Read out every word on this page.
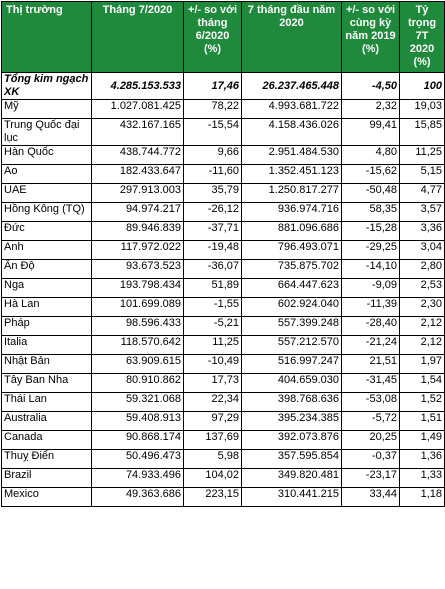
Thị trường	Tháng 7/2020	+/- so với tháng 6/2020 (%)	7 tháng đầu năm 2020	+/- so với cùng kỳ năm 2019 (%)	Tỷ trọng 7T 2020 (%)
Tổng kim ngạch XK	4.285.153.533	17,46	26.237.465.448	-4,50	100
Mỹ	1.027.081.425	78,22	4.993.681.722	2,32	19,03
Trung Quốc đại lục	432.167.165	-15,54	4.158.436.026	99,41	15,85
Hàn Quốc	438.744.772	9,66	2.951.484.530	4,80	11,25
Ao	182.433.647	-11,60	1.352.451.123	-15,62	5,15
UAE	297.913.003	35,79	1.250.817.277	-50,48	4,77
Hồng Kông (TQ)	94.974.217	-26,12	936.974.716	58,35	3,57
Đức	89.946.839	-37,71	881.096.686	-15,28	3,36
Anh	117.972.022	-19,48	796.493.071	-29,25	3,04
Ấn Độ	93.673.523	-36,07	735.875.702	-14,10	2,80
Nga	193.798.434	51,89	664.447.623	-9,09	2,53
Hà Lan	101.699.089	-1,55	602.924.040	-11,39	2,30
Pháp	98.596.433	-5,21	557.399.248	-28,40	2,12
Italia	118.570.642	11,25	557.212.570	-21,24	2,12
Nhật Bản	63.909.615	-10,49	516.997.247	21,51	1,97
Tây Ban Nha	80.910.862	17,73	404.659.030	-31,45	1,54
Thái Lan	59.321.068	22,34	398.768.636	-53,08	1,52
Australia	59.408.913	97,29	395.234.385	-5,72	1,51
Canada	90.868.174	137,69	392.073.876	20,25	1,49
Thuỵ Điển	50.496.473	5,98	357.595.854	-0,37	1,36
Brazil	74.933.496	104,02	349.820.481	-23,17	1,33
Mexico	49.363.686	223,15	310.441.215	33,44	1,18
